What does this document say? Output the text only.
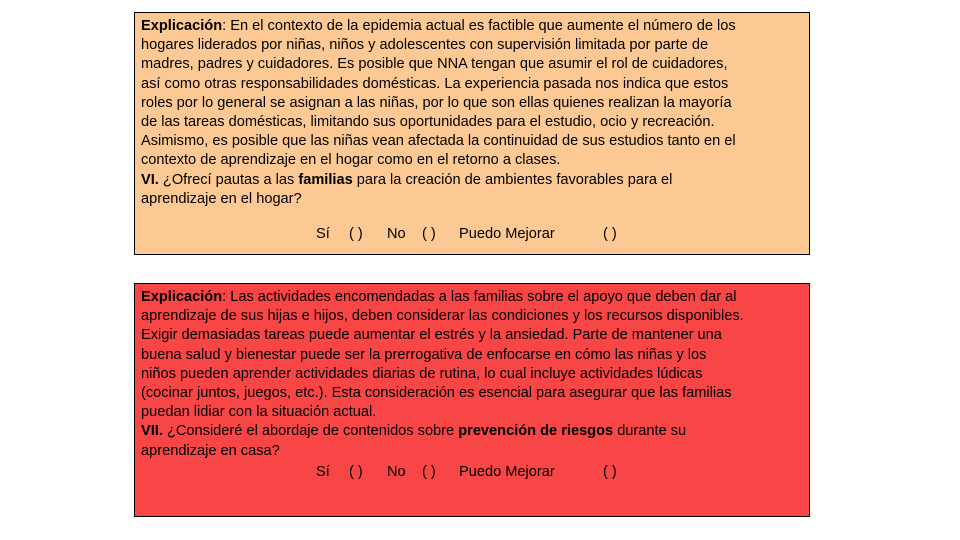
Explicación: En el contexto de la epidemia actual es factible que aumente el número de los

hogares liderados por niñas, niños y adolescentes con supervisión limitada por parte de

madres, padres y cuidadores. Es posible que NNA tengan que asumir el rol de cuidadores,

así como otras responsabilidades domésticas. La experiencia pasada nos indica que estos

roles por lo general se asignan a las niñas, por lo que son ellas quienes realizan la mayoría

de las tareas domésticas, limitando sus oportunidades para el estudio, ocio y recreación.

Asimismo, es posible que las niñas vean afectada la continuidad de sus estudios tanto en el

contexto de aprendizaje en el hogar como en el retorno a clases.

VI. ¿Ofrecí pautas a las familias para la creación de ambientes favorables para el

aprendizaje en el hogar?

Sí ( ) No ( ) Puedo Mejorar	( )

Explicación: Las actividades encomendadas a las familias sobre el apoyo que deben dar al

aprendizaje de sus hijas e hijos, deben considerar las condiciones y los recursos disponibles.

Exigir demasiadas tareas puede aumentar el estrés y la ansiedad. Parte de mantener una

buena salud y bienestar puede ser la prerrogativa de enfocarse en cómo las niñas y los

niños pueden aprender actividades diarias de rutina, lo cual incluye actividades lúdicas

(cocinar juntos, juegos, etc.). Esta consideración es esencial para asegurar que las familias

puedan lidiar con la situación actual.

VII. ¿Consideré el abordaje de contenidos sobre prevención de riesgos durante su

aprendizaje en casa?

Sí ( ) No ( ) Puedo Mejorar	( )
